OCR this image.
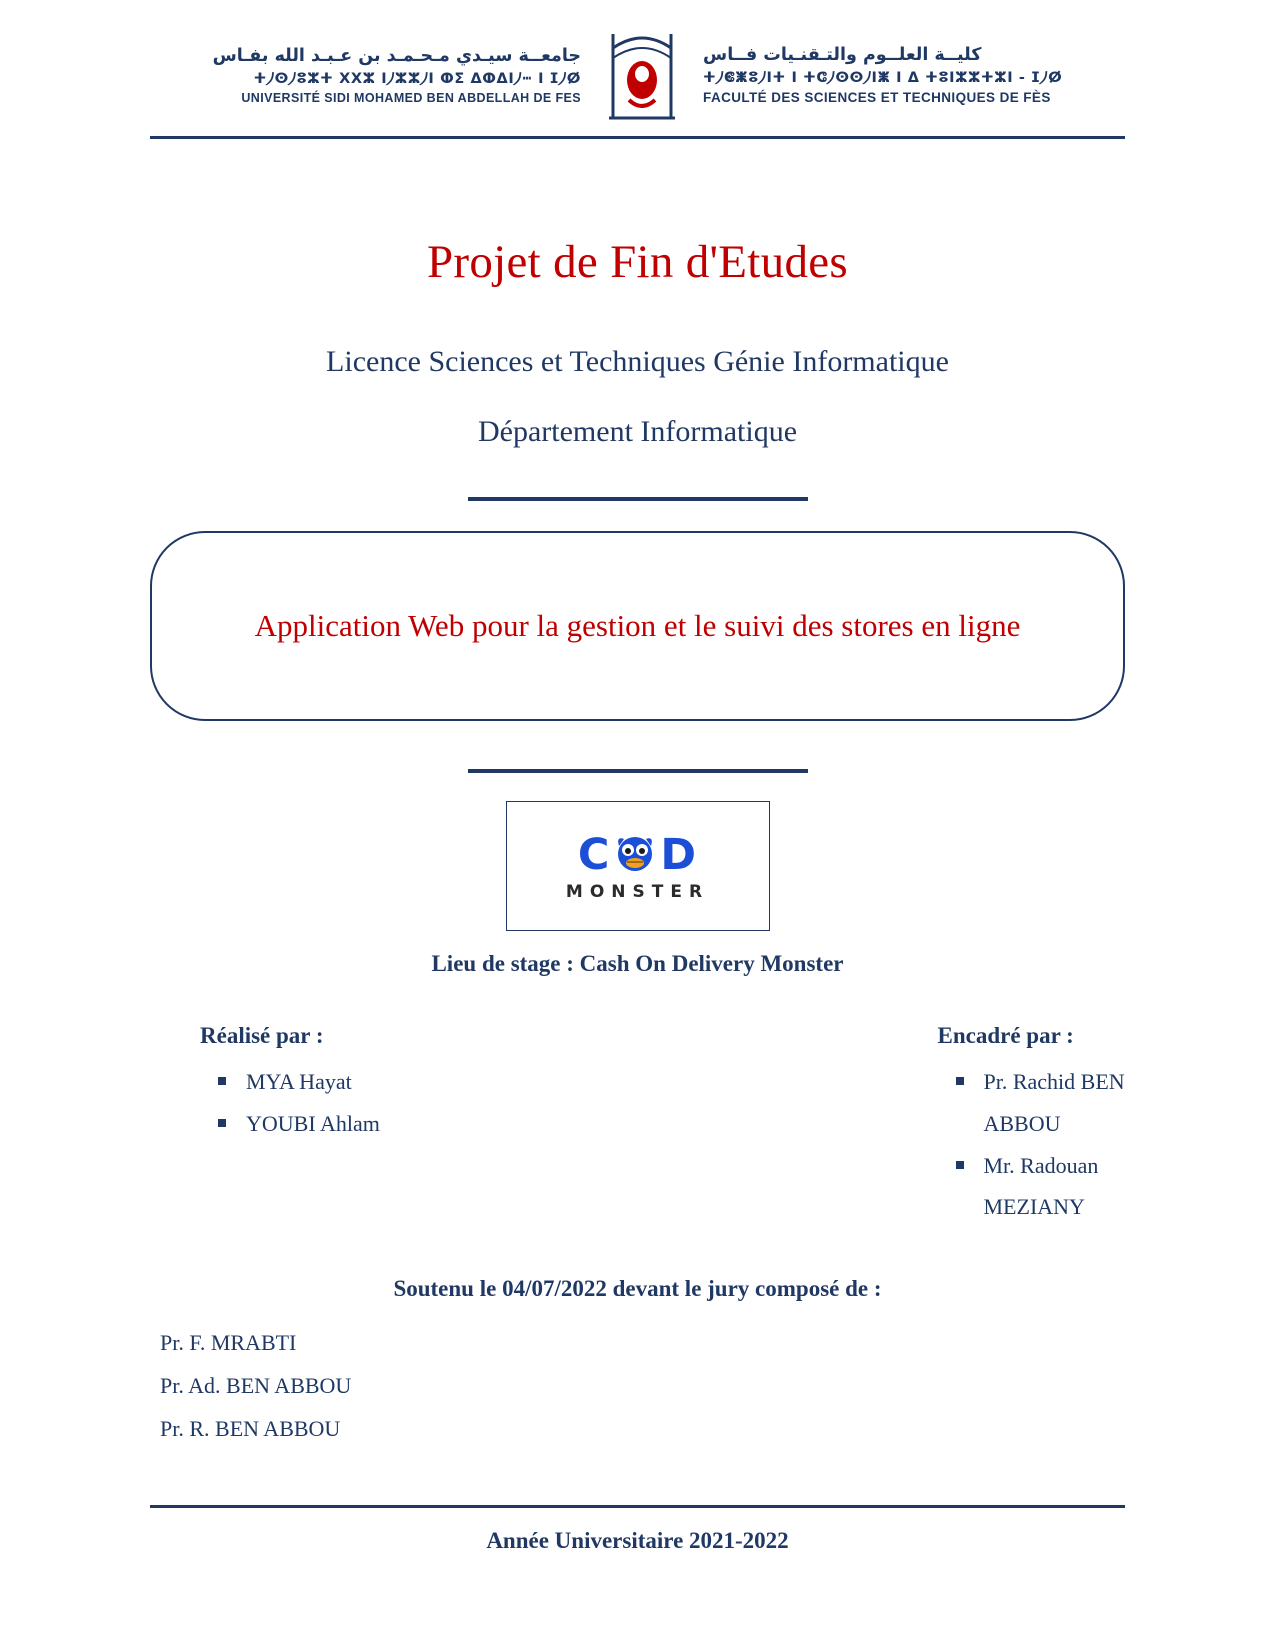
جامعــة سيـدي مـحـمـد بن عـبـد الله بفـاس
ⵜ⵰ⵙ⵰ⵓⵣⵜ ⵝⵝⵣ ⵏ⵰ⵣⵣ⵰ⵏ ⵀⵉ ⵠⵀⵠⵏ⵰ⵈ I ⵊ⵰ⵁ
UNIVERSITÉ SIDI MOHAMED BEN ABDELLAH DE FES
كليــة العلــوم والتـقنـيات فــاس
ⵜ⵰ⵞⵥⵓ⵰Iⵜ I ⵜⵛ⵰ⵙⵙ⵰Iⵥ I ⵠ ⵜⵓIⵣⵣⵜⵣI - ⵊ⵰ⵁ
FACULTÉ DES SCIENCES ET TECHNIQUES DE FÈS
Projet de Fin d'Etudes
Licence Sciences et Techniques Génie Informatique
Département Informatique
Application Web pour la gestion et le suivi des stores en ligne
C D
MONSTER
Lieu de stage : Cash On Delivery Monster
Réalisé par :
MYA Hayat
YOUBI Ahlam
Encadré par :
Pr. Rachid BEN ABBOU
Mr. Radouan MEZIANY
Soutenu le 04/07/2022 devant le jury composé de :
Pr. F. MRABTI
Pr. Ad. BEN ABBOU
Pr. R. BEN ABBOU
Année Universitaire 2021-2022
